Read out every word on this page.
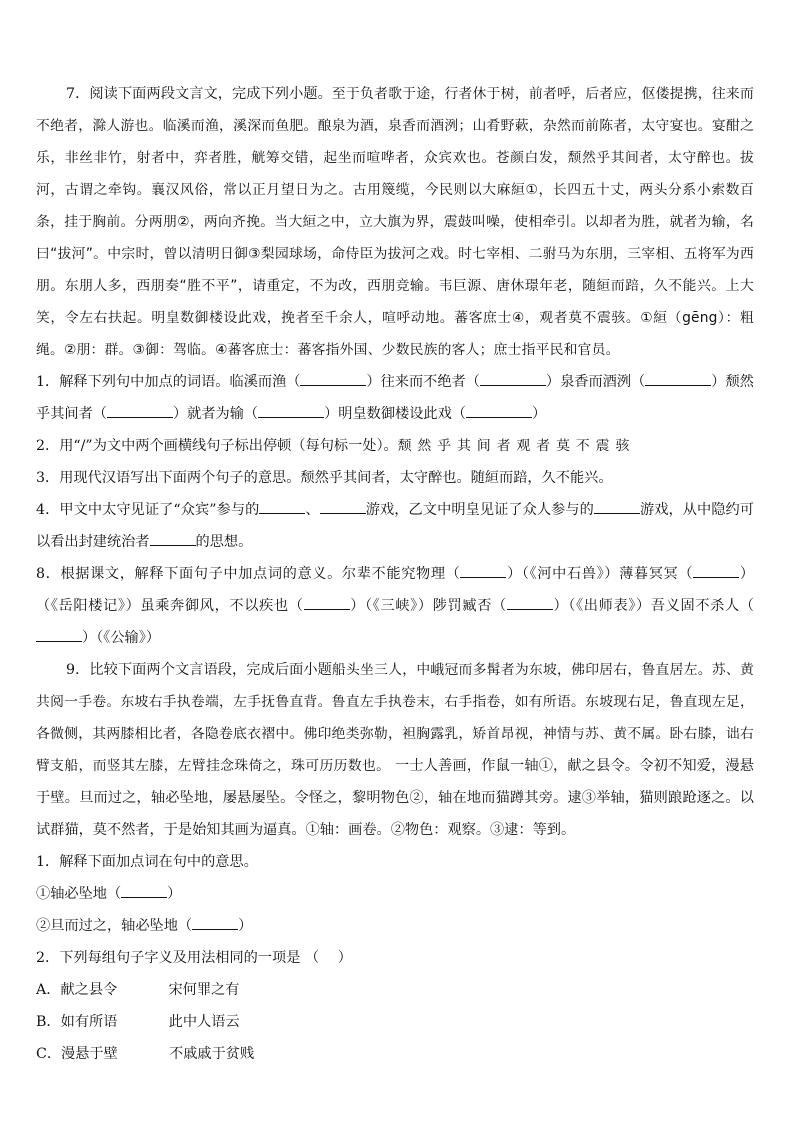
7．阅读下面两段文言文，完成下列小题。至于负者歌于途，行者休于树，前者呼，后者应，伛偻提携，往来而不绝者，滁人游也。临溪而渔，溪深而鱼肥。酿泉为酒，泉香而酒洌；山肴野蔌，杂然而前陈者，太守宴也。宴酣之乐，非丝非竹，射者中，弈者胜，觥筹交错，起坐而喧哗者，众宾欢也。苍颜白发，颓然乎其间者，太守醉也。拔河，古谓之牵钩。襄汉风俗，常以正月望日为之。古用篾缆，今民则以大麻絙①，长四五十丈，两头分系小索数百条，挂于胸前。分两朋②，两向齐挽。当大絙之中，立大旗为界，震鼓叫噪，使相牵引。以却者为胜，就者为输，名曰“拔河”。中宗时，曾以清明日御③梨园球场，命侍臣为拔河之戏。时七宰相、二驸马为东朋，三宰相、五将军为西朋。东朋人多，西朋奏“胜不平”，请重定，不为改，西朋竞输。韦巨源、唐休璟年老，随絙而踣，久不能兴。上大笑，令左右扶起。明皇数御楼设此戏，挽者至千余人，喧呼动地。蕃客庶士④，观者莫不震骇。①絙（gēng）：粗绳。②朋：群。③御：驾临。④蕃客庶士：蕃客指外国、少数民族的客人；庶士指平民和官员。

1．解释下列句中加点的词语。临溪而渔（	）往来而不绝者（	）泉香而酒洌（	）颓然乎其间者（	）就者为输（	）明皇数御楼设此戏（	）

2．用“/”为文中两个画横线句子标出停顿（每句标一处）。颓然乎其间者观者莫不震骇

3．用现代汉语写出下面两个句子的意思。颓然乎其间者，太守醉也。随絙而踣，久不能兴。

4．甲文中太守见证了“众宾”参与的	、	游戏，乙文中明皇见证了众人参与的	游戏，从中隐约可以看出封建统治者	的思想。

8．根据课文，解释下面句子中加点词的意义。尔辈不能究物理（	）（《河中石兽》）薄暮冥冥（	）（《岳阳楼记》）虽乘奔御风，不以疾也（	）（《三峡》）陟罚臧否（	）（《出师表》）吾义固不杀人（）（《公输》）

9．比较下面两个文言语段，完成后面小题船头坐三人，中峨冠而多髯者为东坡，佛印居右，鲁直居左。苏、黄共阅一手卷。东坡右手执卷端，左手抚鲁直背。鲁直左手执卷末，右手指卷，如有所语。东坡现右足，鲁直现左足，各微侧，其两膝相比者，各隐卷底衣褶中。佛印绝类弥勒，袒胸露乳，矫首昂视，神情与苏、黄不属。卧右膝，诎右臂支船，而竖其左膝，左臂挂念珠倚之，珠可历历数也。 一士人善画，作鼠一轴①，献之县令。令初不知爱，漫悬于壁。旦而过之，轴必坠地，屡悬屡坠。令怪之，黎明物色②，轴在地而猫蹲其旁。逮③举轴，猫则踉跄逐之。以试群猫，莫不然者，于是始知其画为逼真。①轴：画卷。②物色：观察。③逮：等到。

1．解释下面加点词在句中的意思。

①轴必坠地（	）

②旦而过之，轴必坠地（	）

2．下列每组句子字义及用法相同的一项是 （　 ）

A．献之县令	宋何罪之有

B．如有所语	此中人语云

C．漫悬于壁	不戚戚于贫贱
